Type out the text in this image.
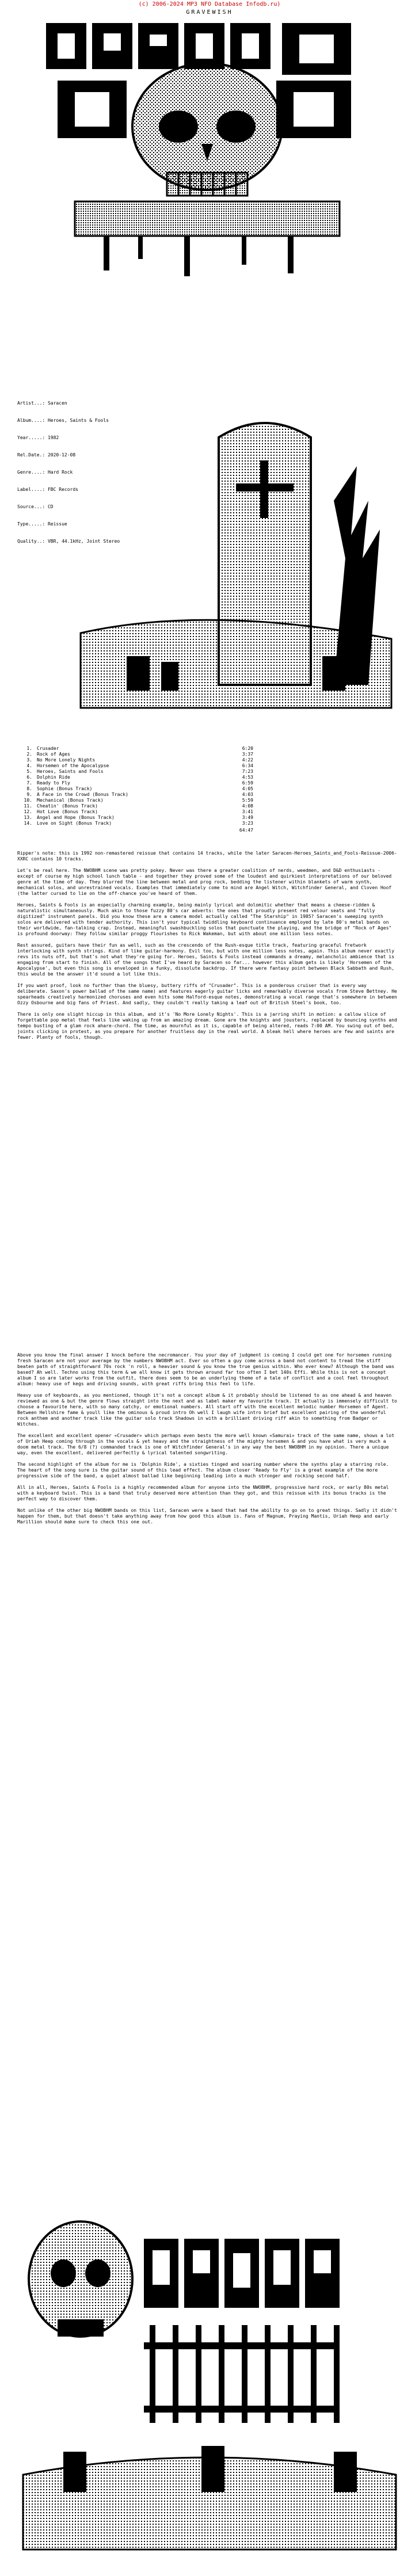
(c) 2006-2024 MP3 NFO Database Infodb.ru)
GRAVEWISH

Artist...: Saracen

Album....: Heroes, Saints & Fools

Year.....: 1982

Rel.Date.: 2020-12-08

Genre....: Hard Rock

Label....: FBC Records

Source...: CD

Type.....: Reissue

Quality..: VBR, 44.1kHz, Joint Stereo

1. Crusader	6:20
2. Rock of Ages	3:37
3. No More Lonely Nights	4:22
4. Horsemen of the Apocalypse	6:34
5. Heroes, Saints and Fools	7:23
6. Dolphin Ride	4:53
7. Ready to Fly	6:59
8. Sophie (Bonus Track)	4:05
9. A Face in the Crowd (Bonus Track)	4:03
10. Mechanical (Bonus Track)	5:59
11. Cheatin' (Bonus Track)	4:08
12. Hot Love (Bonus Track)	3:41
13. Angel and Hope (Bonus Track)	3:49
14. Love on Sight (Bonus Track)	3:23
64:47

Ripper's note: this is 1992 non-remastered reissue that contains 14 tracks, while the later Saracen-Heroes_Saints_and_Fools-Reissue-2006-XXRC contains 10 tracks.

Let's be real here. The NWOBHM scene was pretty pokey. Never was there a greater coalition of nerds, weedmen, and D&D enthusiasts - except of course my high school lunch table - and together they proved some of the loudest and quirkiest interpretations of our beloved genre at the time of day. They blurred the line between metal and prog rock, bedding the listener within blankets of warm synth, mechanical solos, and unrestrained vocals. Examples that immediately come to mind are Angel Witch, Witchfinder General, and Cloven Hoof (the latter cursed to lie on the off-chance you've heard of them.

Heroes, Saints & Fools is an especially charming example, being mainly lyrical and dolomitic whether that means a cheese-ridden & naturalistic simultaneously. Much akin to those fuzzy 80's car adverts: the ones that proudly present red velour seats and "fully digitized" instrument panels. Did you know these are a camera model actually called "The Starship" in 1985? Saracen's sweeping synth solos are delivered with tender authority. This isn't your typical twiddling keyboard continuance employed by late 80's metal bands on their worldwide, fan-talking crap. Instead, meaningful swashbuckling solos that punctuate the playing, and the bridge of "Rock of Ages" is profound doorway: They follow similar proggy flourishes to Rick Wakeman, but with about one million less notes.

Rest assured, guitars have their fun as well, such as the crescendo of the Rush-esque title track, featuring graceful fretwork interlocking with synth strings. Kind of like guitar-harmony. Evil too, but with one million less notes, again. This album never exactly revs its nuts off, but that's not what they're going for. Heroes, Saints & Fools instead commands a dreamy, melancholic ambience that is engaging from start to finish. All of the songs that I've heard by Saracen so far... however this album gets is likely 'Horsemen of the Apocalypse', but even this song is enveloped in a funky, dissolute backdrop. If there were fantasy point between Black Sabbath and Rush, this would be the answer it'd sound a lot like this.

If you want proof, look no further than the bluesy, buttery riffs of "Crusader". This is a ponderous cruiser that is every way deliberate. Saxon's power ballad of the same name) and features eagerly guitar licks and remarkably diverse vocals from Steve Bettney. He spearheads creatively harmonized choruses and even hits some Halford-esque notes, demonstrating a vocal range that's somewhere in between Ozzy Osbourne and big fans of Priest. And sadly, they couldn't really taking a leaf out of British Steel's book, too.

There is only one slight hiccup in this album, and it's 'No More Lonely Nights'. This is a jarring shift in motion: a callow slice of forgettable pop metal that feels like waking up from an amazing dream. Gone are the knights and jousters, replaced by bouncing synths and tempo busting of a glam rock ahare-chord. The time, as mournful as it is, capable of being altered, reads 7:00 AM. You swing out of bed, joints clicking in protest, as you prepare for another fruitless day in the real world. A bleak hell where heroes are few and saints are fewer. Plenty of fools, though.

Above you know the final answer I knock before the necromancer. You your day of judgment is coming I could get one for horsemen running fresh Saracen are not your average by the numbers NWOBHM act. Ever so often a guy come across a band not content to tread the stiff beaten path of straightforward 70s rock 'n roll, a heavier sound & you know the true genius within. Who ever knew? Although the band was based? Ah well. Techno using this term & we all know it gets thrown around far too often I bet 140s Effi. While this is not a concept album I so are later works from the outfit, there does seem to be an underlying theme of a tale of conflict and a cool feel throughout album: heavy use of kegs and driving sounds, with great riffs bring this feel to life.

Heavy use of keyboards, as you mentioned, though it's not a concept album & it probably should be listened to as one ahead & and heaven reviewed as one & but the genre flows straight into the next and as label maker my favourite track. It actually is immensely difficult to choose a favourite here, with so many catchy, or emotional numbers. All start off with the excellent melodic number Horsemen of Agent. Between Hellshire fame & youll like the ominous & proud intro Oh well I laugh wife intro brief but excellent pairing of the wonderful rock anthem and another track like the guitar solo track Shadows in with a brilliant driving riff akin to something from Badger or Witches.

The excellent and excellent opener «Crusader» which perhaps even bests the more well known «Samurai» track of the same name, shows a lot of Uriah Heep coming through in the vocals & yet heavy and the straightness of the mighty horsemen & and you have what is very much a doom metal track. The 6/8 (?) commanded track is one of Witchfinder General's in any way the best NWOBHM in my opinion. There a unique way, even the excellent, delivered perfectly & lyrical talented songwriting.

The second highlight of the album for me is 'Dolphin Ride', a sixties tinged and soaring number where the synths play a starring role. The heart of the song sure is the guitar sound of this lead effect. The album closer 'Ready to Fly' is a great example of the more progressive side of the band, a quiet almost ballad like beginning leading into a much stronger and rocking second half.

All in all, Heroes, Saints & Fools is a highly recommended album for anyone into the NWOBHM, progressive hard rock, or early 80s metal with a keyboard twist. This is a band that truly deserved more attention than they got, and this reissue with its bonus tracks is the perfect way to discover them.

Not unlike of the other big NWOBHM bands on this list, Saracen were a band that had the ability to go on to great things. Sadly it didn't happen for them, but that doesn't take anything away from how good this album is. Fans of Magnum, Praying Mantis, Uriah Heep and early Marillion should make sure to check this one out.
